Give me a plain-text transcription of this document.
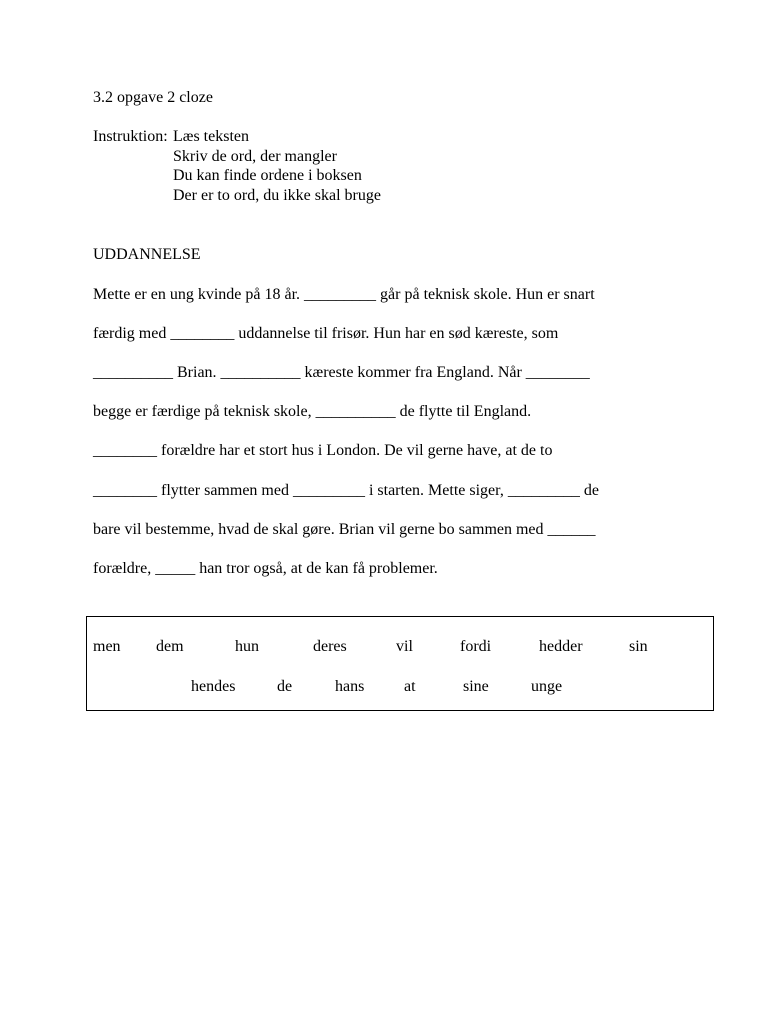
3.2 opgave 2 cloze
Instruktion: Læs teksten
Skriv de ord, der mangler
Du kan finde ordene i boksen
Der er to ord, du ikke skal bruge
UDDANNELSE
Mette er en ung kvinde på 18 år. _________ går på teknisk skole. Hun er snart
færdig med ________ uddannelse til frisør. Hun har en sød kæreste, som
__________ Brian. __________ kæreste kommer fra England. Når ________
begge er færdige på teknisk skole, __________ de flytte til England.
________ forældre har et stort hus i London. De vil gerne have, at de to
________ flytter sammen med _________ i starten. Mette siger, _________ de
bare vil bestemme, hvad de skal gøre. Brian vil gerne bo sammen med ______
forældre, _____ han tror også, at de kan få problemer.
men dem	hun	deres	vil	fordi	hedder	sin
hendes	de	hans at	sine	unge
